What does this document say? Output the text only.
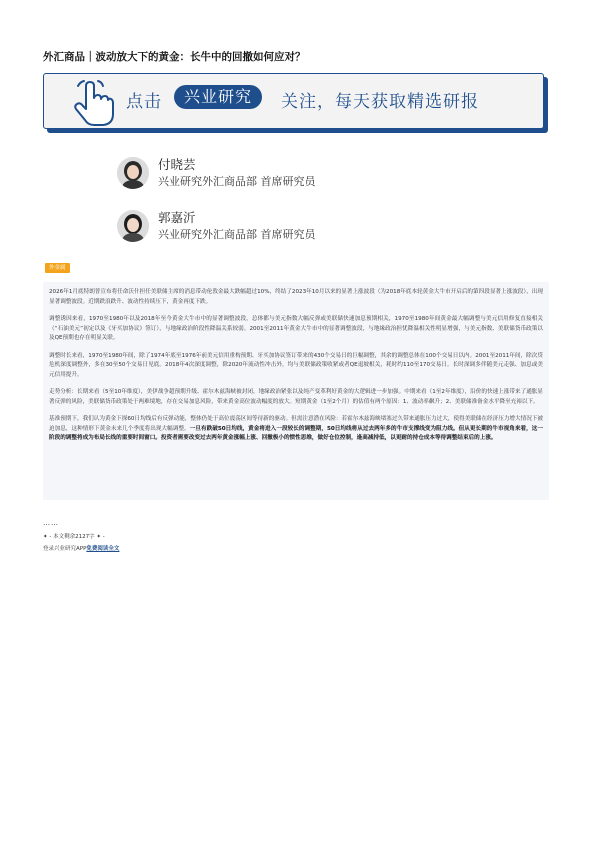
外汇商品｜波动放大下的黄金：长牛中的回撤如何应对？
点击	兴业研究	关注，每天获取精选研报
付晓芸
兴业研究外汇商品部 首席研究员
郭嘉沂
兴业研究外汇商品部 首席研究员
外金属

2026年1月底特朗普宣布将任命沃什担任美联储主席的消息带动伦敦金最大跌幅超过10%，终结了2023年10月以来的显著上涨波段（为2018年底本轮黄金大牛市开启后的第四段显著上涨波段），出现显著调整波段。近期跌浪跌升、波动性持续压下，黄金再度下跌。

调整诱因来看，1970至1980年以及2018年至今黄金大牛市中的显著调整波段，总体都与美元指数大幅反弹或美联储快速加息预期相关，1970至1980年间黄金最大幅调整与美元信用修复直接相关（“石油美元”初定以及《牙买加协议》签订），与地缘政治阶段性降温关系较弱。2001至2011年黄金大牛市中的显著调整波段，与地缘政治担忧降温相关性明显增强，与美元指数、美联储货币政策以及QE预期也存在明显关联。

调整时长来看，1970至1980年间，除了1974年底至1976年前美元信用重构预期、牙买加协议签订带来的430个交易日的巨幅调整，其余的调整总体在100个交易日以内。2001至2011年间，除次贷危机深度调整外，多在30至50个交易日见底。2018年4次深度调整，除2020年流动性冲击外，均与美联储政策收紧或者QE退坡相关，耗时约110至170交易日。长时深调多伴随美元走强、加息或美元信用提升。

走势分析：长期来看（5至10年维度），美伊战争超预期升级、霍尔木兹海峡被封闭，地缘政治紧张以及纯产变革利好黄金的大逻辑进一步加强。中期来看（1至2年维度），沿价的快速上涨带来了通胀显著反弹的风险，美联储货币政策处于两难境地，存在交易加息风险，带来黄金高位波动幅度的放大。短期黄金（1至2个月）的估值有两个原因：1、波动率飙升；2、美联储准备金水平降至充裕以下。

基准预期下，我们认为黄金下探60日均线后有反弹动能，整体仍处于高位震荡区间等待新的驱动。但需注意潜在风险：若霍尔木兹海峡堵塞过久带来通胀压力过大，使得美联储在经济压力增大情况下被迫加息，这种情形下黄金未来几个季度将出现大幅调整。一旦有跌破50日均线，黄金将进入一段较长的调整期，50日均线将从过去两年多的牛市支撑线变为阻力线。但从更长期的牛市视角来看，这一阶段的调整将成为布局长线的重要时间窗口。投资者需要改变过去两年黄金涨幅上涨、回撤极小的惯性思维，做好仓位控制，逢高减持低，以更耐的持仓成本等待调整结束后的上涨。

……
✦ - 本文剩余2127字 ✦ -
登录兴业研究APP免费阅读全文
